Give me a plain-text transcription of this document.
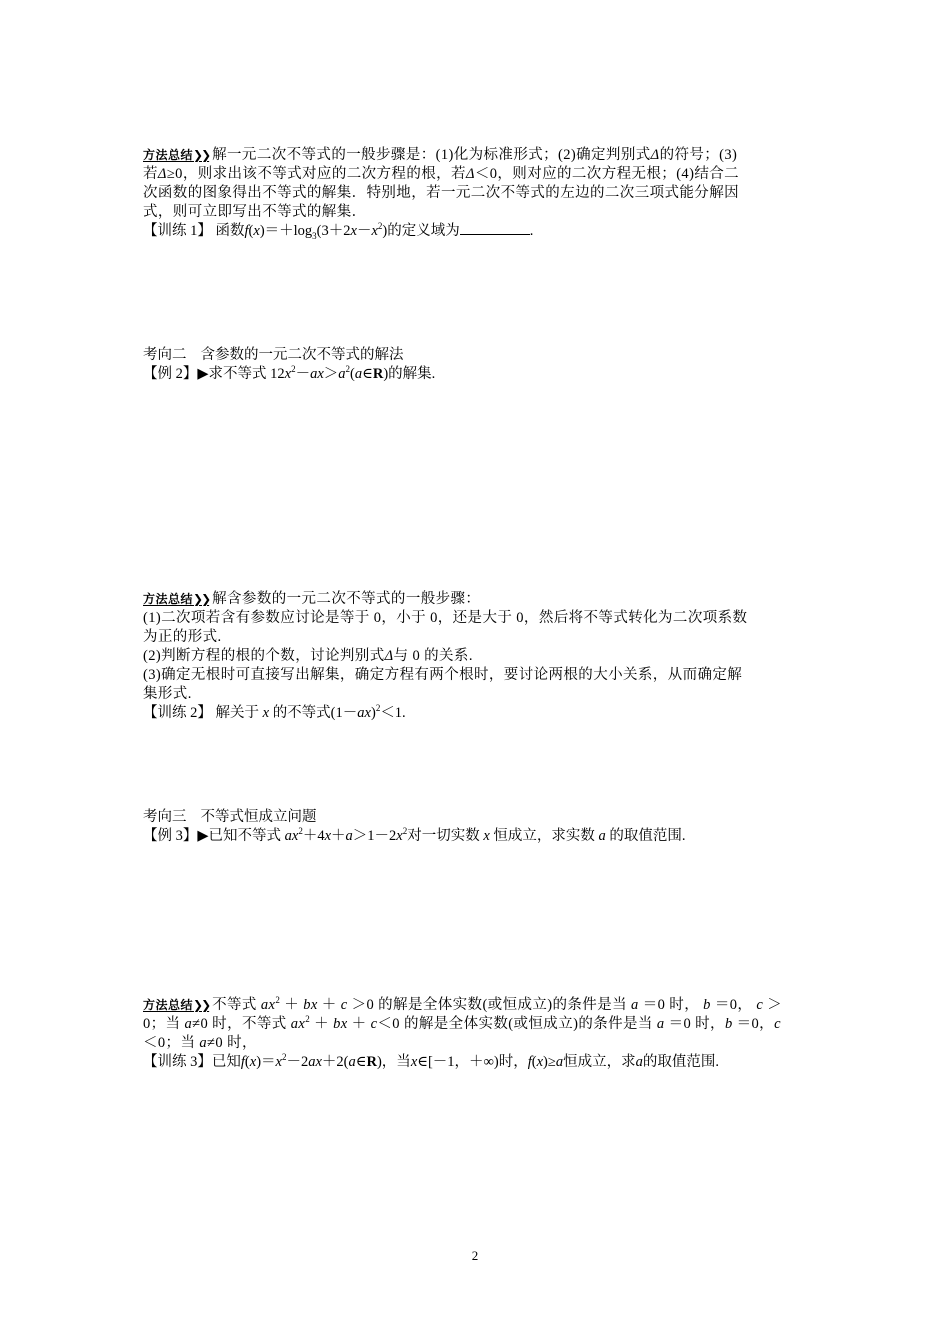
方法总结❯❯ 解一元二次不等式的一般步骤是：(1)化为标准形式；(2)确定判别式Δ的符号；(3)
若Δ≥0，则求出该不等式对应的二次方程的根，若Δ＜0，则对应的二次方程无根；(4)结合二
次函数的图象得出不等式的解集．特别地，若一元二次不等式的左边的二次三项式能分解因
式，则可立即写出不等式的解集．
【训练 1】 函数$f(x)=+\log_3(3+2x-x^2)$的定义域为	.
考向二 含参数的一元二次不等式的解法
【例 2】▶求不等式 $12x^2-ax>a^2(a\in R)$的解集.
方法总结❯❯ 解含参数的一元二次不等式的一般步骤：
(1)二次项若含有参数应讨论是等于 0，小于 0，还是大于 0，然后将不等式转化为二次项系数
为正的形式.
(2)判断方程的根的个数，讨论判别式Δ与 0 的关系.
(3)确定无根时可直接写出解集，确定方程有两个根时，要讨论两根的大小关系，从而确定解
集形式.
【训练 2】 解关于 x 的不等式$(1-ax)^2<1$.
考向三 不等式恒成立问题
【例 3】▶已知不等式 $ax^2+4x+a>1-2x^2$对一切实数 x 恒成立，求实数 a 的取值范围.
方法总结❯❯ 不等式 $ax^2$ ＋ bx ＋ c ＞0 的解是全体实数(或恒成立)的条件是当 a ＝0 时， b ＝0， c ＞
0；当 a≠0 时，不等式 $ax^2$ ＋ bx ＋ c＜0 的解是全体实数(或恒成立)的条件是当 a ＝0 时，b ＝0，c
＜0；当 a≠0 时，
【训练 3】已知$f(x)=x^2-2ax+2(a\in R)$，当x∈[－1，＋∞)时，f(x)≥a恒成立，求a的取值范围.
2
